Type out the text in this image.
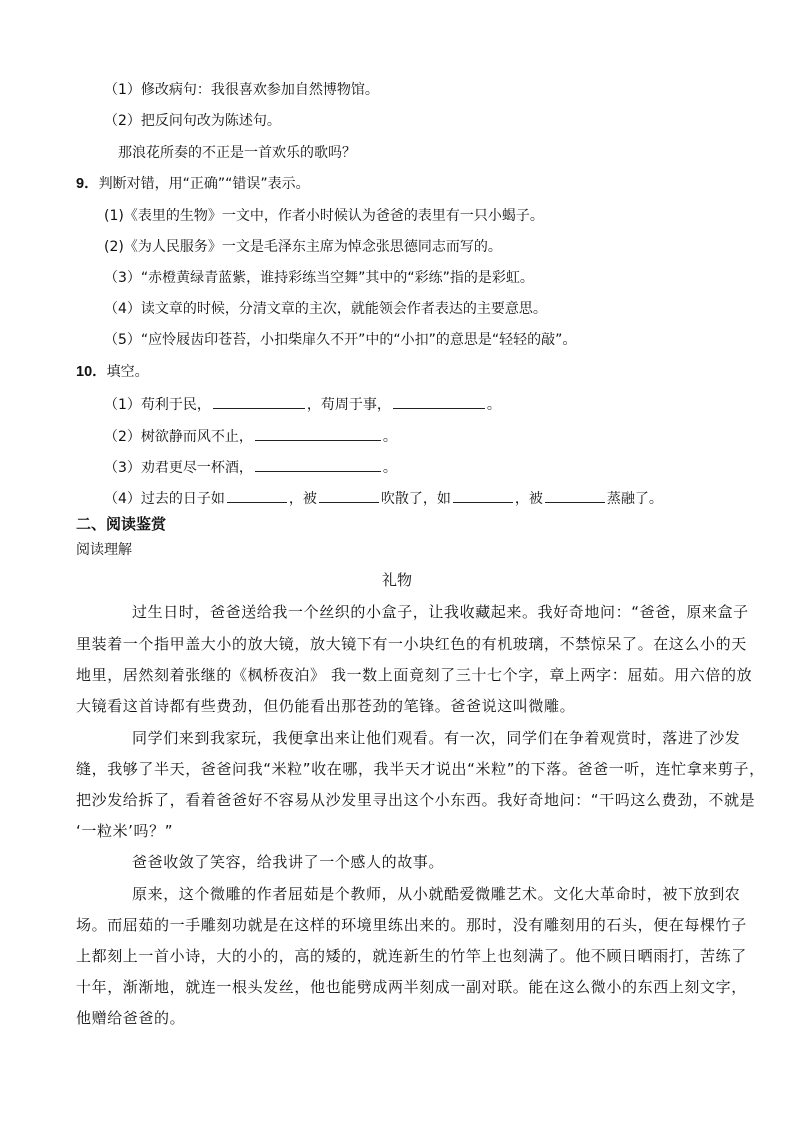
（1）修改病句：我很喜欢参加自然博物馆。
（2）把反问句改为陈述句。
那浪花所奏的不正是一首欢乐的歌吗？
9．判断对错，用“正确”“错误”表示。
(1)《表里的生物》一文中，作者小时候认为爸爸的表里有一只小蝎子。
(2)《为人民服务》一文是毛泽东主席为悼念张思德同志而写的。
（3）“赤橙黄绿青蓝紫，谁持彩练当空舞”其中的“彩练”指的是彩虹。
（4）读文章的时候，分清文章的主次，就能领会作者表达的主要意思。
（5）“应怜屐齿印苍苔，小扣柴扉久不开”中的“小扣”的意思是“轻轻的敲”。
10．填空。
（1）苟利于民，	，苟周于事，	。
（2）树欲静而风不止，	。
（3）劝君更尽一杯酒，	。
（4）过去的日子如	，被	吹散了，如	，被	蒸融了。
二、阅读鉴赏
阅读理解
礼物
过生日时，爸爸送给我一个丝织的小盒子，让我收藏起来。我好奇地问：“爸爸，原来盒子
里装着一个指甲盖大小的放大镜，放大镜下有一小块红色的有机玻璃，不禁惊呆了。在这么小的天
地里，居然刻着张继的《枫桥夜泊》 我一数上面竟刻了三十七个字，章上两字：屈茹。用六倍的放
大镜看这首诗都有些费劲，但仍能看出那苍劲的笔锋。爸爸说这叫微雕。
同学们来到我家玩，我便拿出来让他们观看。有一次，同学们在争着观赏时，落进了沙发
缝，我够了半天，爸爸问我“米粒”收在哪，我半天才说出“米粒”的下落。爸爸一听，连忙拿来剪子，
把沙发给拆了，看着爸爸好不容易从沙发里寻出这个小东西。我好奇地问：“干吗这么费劲，不就是
‘一粒米’吗？”
爸爸收敛了笑容，给我讲了一个感人的故事。
原来，这个微雕的作者屈茹是个教师，从小就酷爱微雕艺术。文化大革命时，被下放到农
场。而屈茹的一手雕刻功就是在这样的环境里练出来的。那时，没有雕刻用的石头，便在每棵竹子
上都刻上一首小诗，大的小的，高的矮的，就连新生的竹竿上也刻满了。他不顾日晒雨打，苦练了
十年，渐渐地，就连一根头发丝，他也能劈成两半刻成一副对联。能在这么微小的东西上刻文字，
他赠给爸爸的。
